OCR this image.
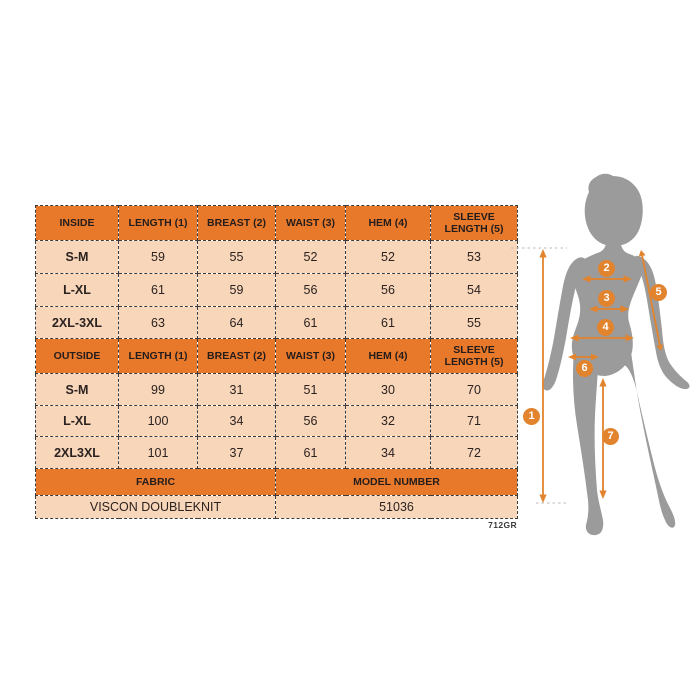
INSIDE	LENGTH (1)	BREAST (2)	WAIST (3)	HEM (4)	SLEEVE LENGTH (5)
S-M	59	55	52	52	53
L-XL	61	59	56	56	54
2XL-3XL	63	64	61	61	55
OUTSIDE	LENGTH (1)	BREAST (2)	WAIST (3)	HEM (4)	SLEEVE LENGTH (5)
S-M	99	31	51	30	70
L-XL	100	34	56	32	71
2XL3XL	101	37	61	34	72
FABRIC			MODEL NUMBER		
VISCON DOUBLEKNIT			51036		
712GR
1
2
3
4
5
6
7
